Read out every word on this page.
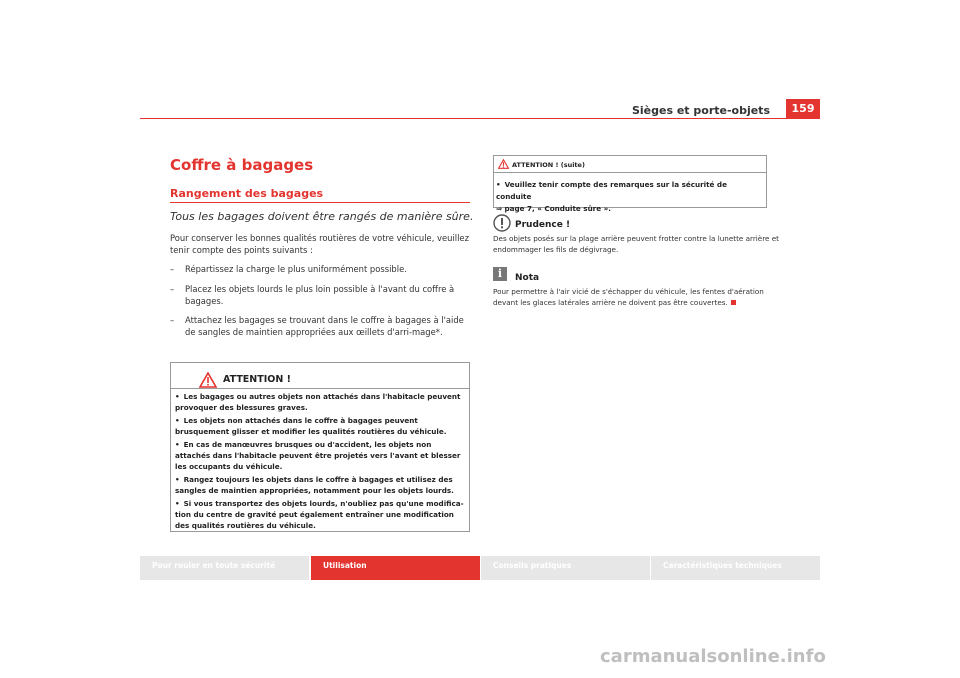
Sièges et porte-objets	159
Coffre à bagages
Rangement des bagages
Tous les bagages doivent être rangés de manière sûre.
Pour conserver les bonnes qualités routières de votre véhicule, veuillez tenir compte des points suivants :
– Répartissez la charge le plus uniformément possible.
– Placez les objets lourds le plus loin possible à l'avant du coffre à bagages.
– Attachez les bagages se trouvant dans le coffre à bagages à l'aide de sangles de maintien appropriées aux œillets d'arri-mage*.
ATTENTION !
• Les bagages ou autres objets non attachés dans l'habitacle peuvent provoquer des blessures graves.
• Les objets non attachés dans le coffre à bagages peuvent brusquement glisser et modifier les qualités routières du véhicule.
• En cas de manœuvres brusques ou d'accident, les objets non attachés dans l'habitacle peuvent être projetés vers l'avant et blesser les occupants du véhicule.
• Rangez toujours les objets dans le coffre à bagages et utilisez des sangles de maintien appropriées, notamment pour les objets lourds.
• Si vous transportez des objets lourds, n'oubliez pas qu'une modifica-tion du centre de gravité peut également entraîner une modification des qualités routières du véhicule.
ATTENTION ! (suite)
• Veuillez tenir compte des remarques sur la sécurité de conduite
⇒ page 7, « Conduite sûre ».
Prudence !
Des objets posés sur la plage arrière peuvent frotter contre la lunette arrière et endommager les fils de dégivrage.
i	Nota
Pour permettre à l'air vicié de s'échapper du véhicule, les fentes d'aération devant les glaces latérales arrière ne doivent pas être couvertes.
Pour rouler en toute sécurité	Utilisation	Conseils pratiques	Caractéristiques techniques
carmanualsonline.info
